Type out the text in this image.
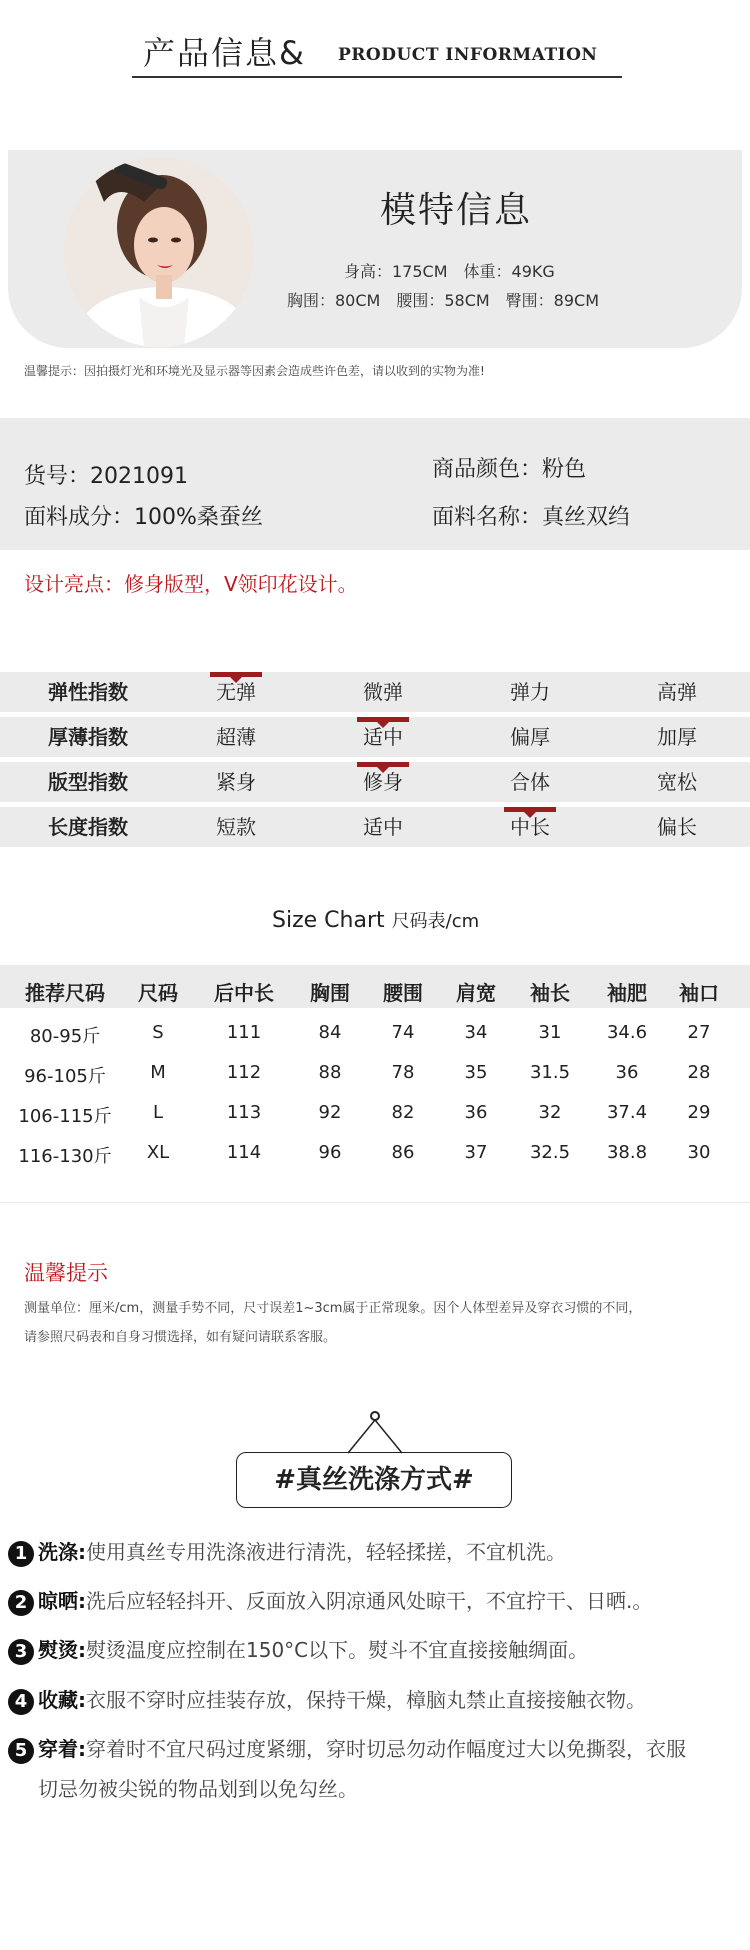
产品信息& PRODUCT INFORMATION
模特信息
身高：175CM　体重：49KG
胸围：80CM　腰围：58CM　臀围：89CM
温馨提示：因拍摄灯光和环境光及显示器等因素会造成些许色差，请以收到的实物为准!
货号：2021091	商品颜色：粉色
面料成分：100%桑蚕丝	面料名称：真丝双绉
设计亮点：修身版型，V领印花设计。
弹性指数	无弹	微弹	弹力	高弹
厚薄指数	超薄	适中	偏厚	加厚
版型指数	紧身	修身	合体	宽松
长度指数	短款	适中	中长	偏长
Size Chart 尺码表/cm
推荐尺码	尺码	后中长	胸围	腰围	肩宽	袖长	袖肥	袖口
80-95斤	S	111	84	74	34	31	34.6	27
96-105斤	M	112	88	78	35	31.5	36	28
106-115斤	L	113	92	82	36	32	37.4	29
116-130斤	XL	114	96	86	37	32.5	38.8	30
温馨提示
测量单位：厘米/cm，测量手势不同，尺寸误差1~3cm属于正常现象。因个人体型差异及穿衣习惯的不同，
请参照尺码表和自身习惯选择，如有疑问请联系客服。
#真丝洗涤方式#
1 洗涤:使用真丝专用洗涤液进行清洗，轻轻揉搓，不宜机洗。
2 晾晒:洗后应轻轻抖开、反面放入阴凉通风处晾干，不宜拧干、日晒.。
3 熨烫:熨烫温度应控制在150°C以下。熨斗不宜直接接触绸面。
4 收藏:衣服不穿时应挂装存放，保持干燥，樟脑丸禁止直接接触衣物。
5 穿着:穿着时不宜尺码过度紧绷，穿时切忌勿动作幅度过大以免撕裂，衣服
切忌勿被尖锐的物品划到以免勾丝。
